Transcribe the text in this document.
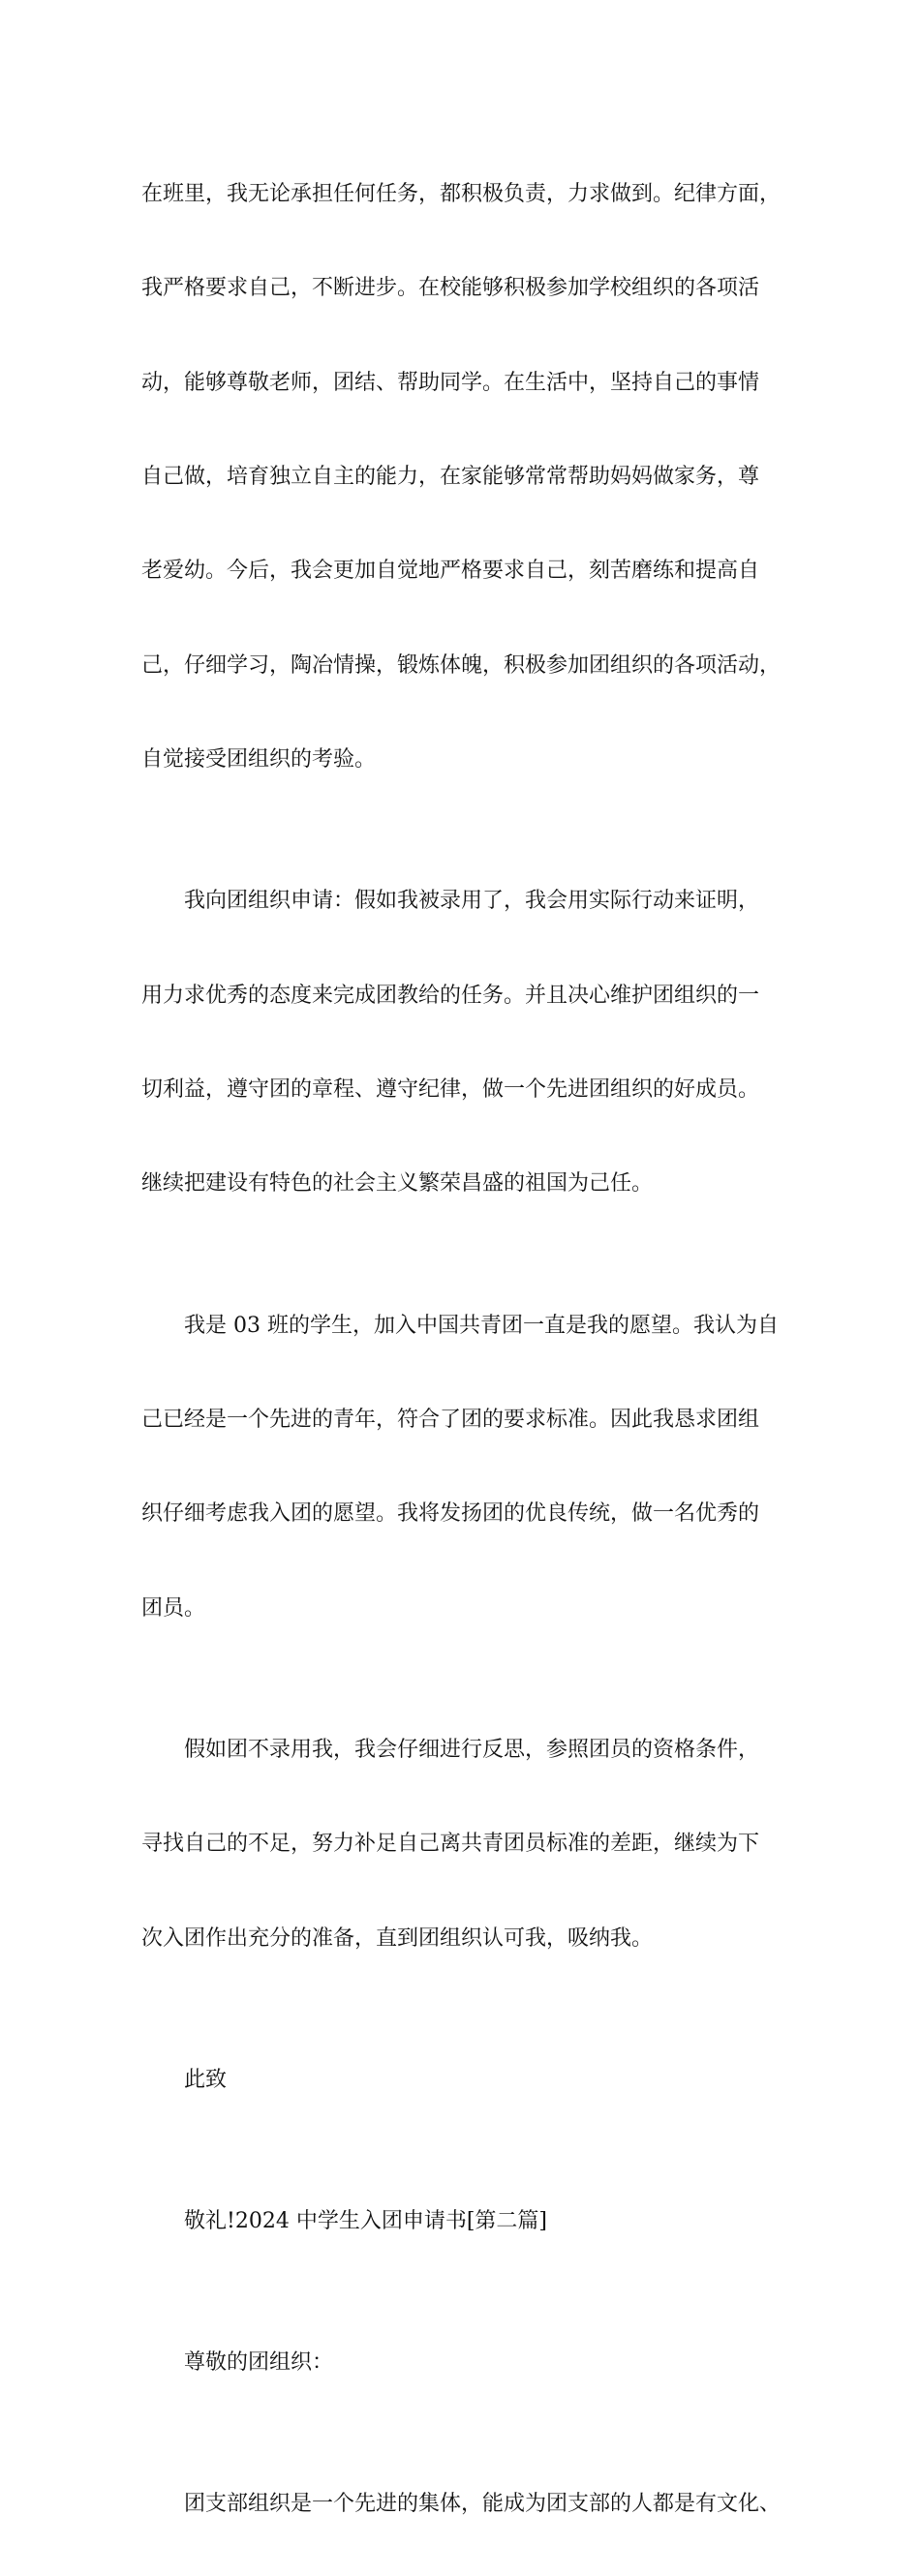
在班里，我无论承担任何任务，都积极负责，力求做到。纪律方面，

我严格要求自己，不断进步。在校能够积极参加学校组织的各项活

动，能够尊敬老师，团结、帮助同学。在生活中，坚持自己的事情

自己做，培育独立自主的能力，在家能够常常帮助妈妈做家务，尊

老爱幼。今后，我会更加自觉地严格要求自己，刻苦磨练和提高自

己，仔细学习，陶冶情操，锻炼体魄，积极参加团组织的各项活动，

自觉接受团组织的考验。

我向团组织申请：假如我被录用了，我会用实际行动来证明，

用力求优秀的态度来完成团教给的任务。并且决心维护团组织的一

切利益，遵守团的章程、遵守纪律，做一个先进团组织的好成员。

继续把建设有特色的社会主义繁荣昌盛的祖国为己任。

我是 03 班的学生，加入中国共青团一直是我的愿望。我认为自

己已经是一个先进的青年，符合了团的要求标准。因此我恳求团组

织仔细考虑我入团的愿望。我将发扬团的优良传统，做一名优秀的

团员。

假如团不录用我，我会仔细进行反思，参照团员的资格条件，

寻找自己的不足，努力补足自己离共青团员标准的差距，继续为下

次入团作出充分的准备，直到团组织认可我，吸纳我。

此致

敬礼!2024 中学生入团申请书[第二篇]

尊敬的团组织：

团支部组织是一个先进的集体，能成为团支部的人都是有文化、
